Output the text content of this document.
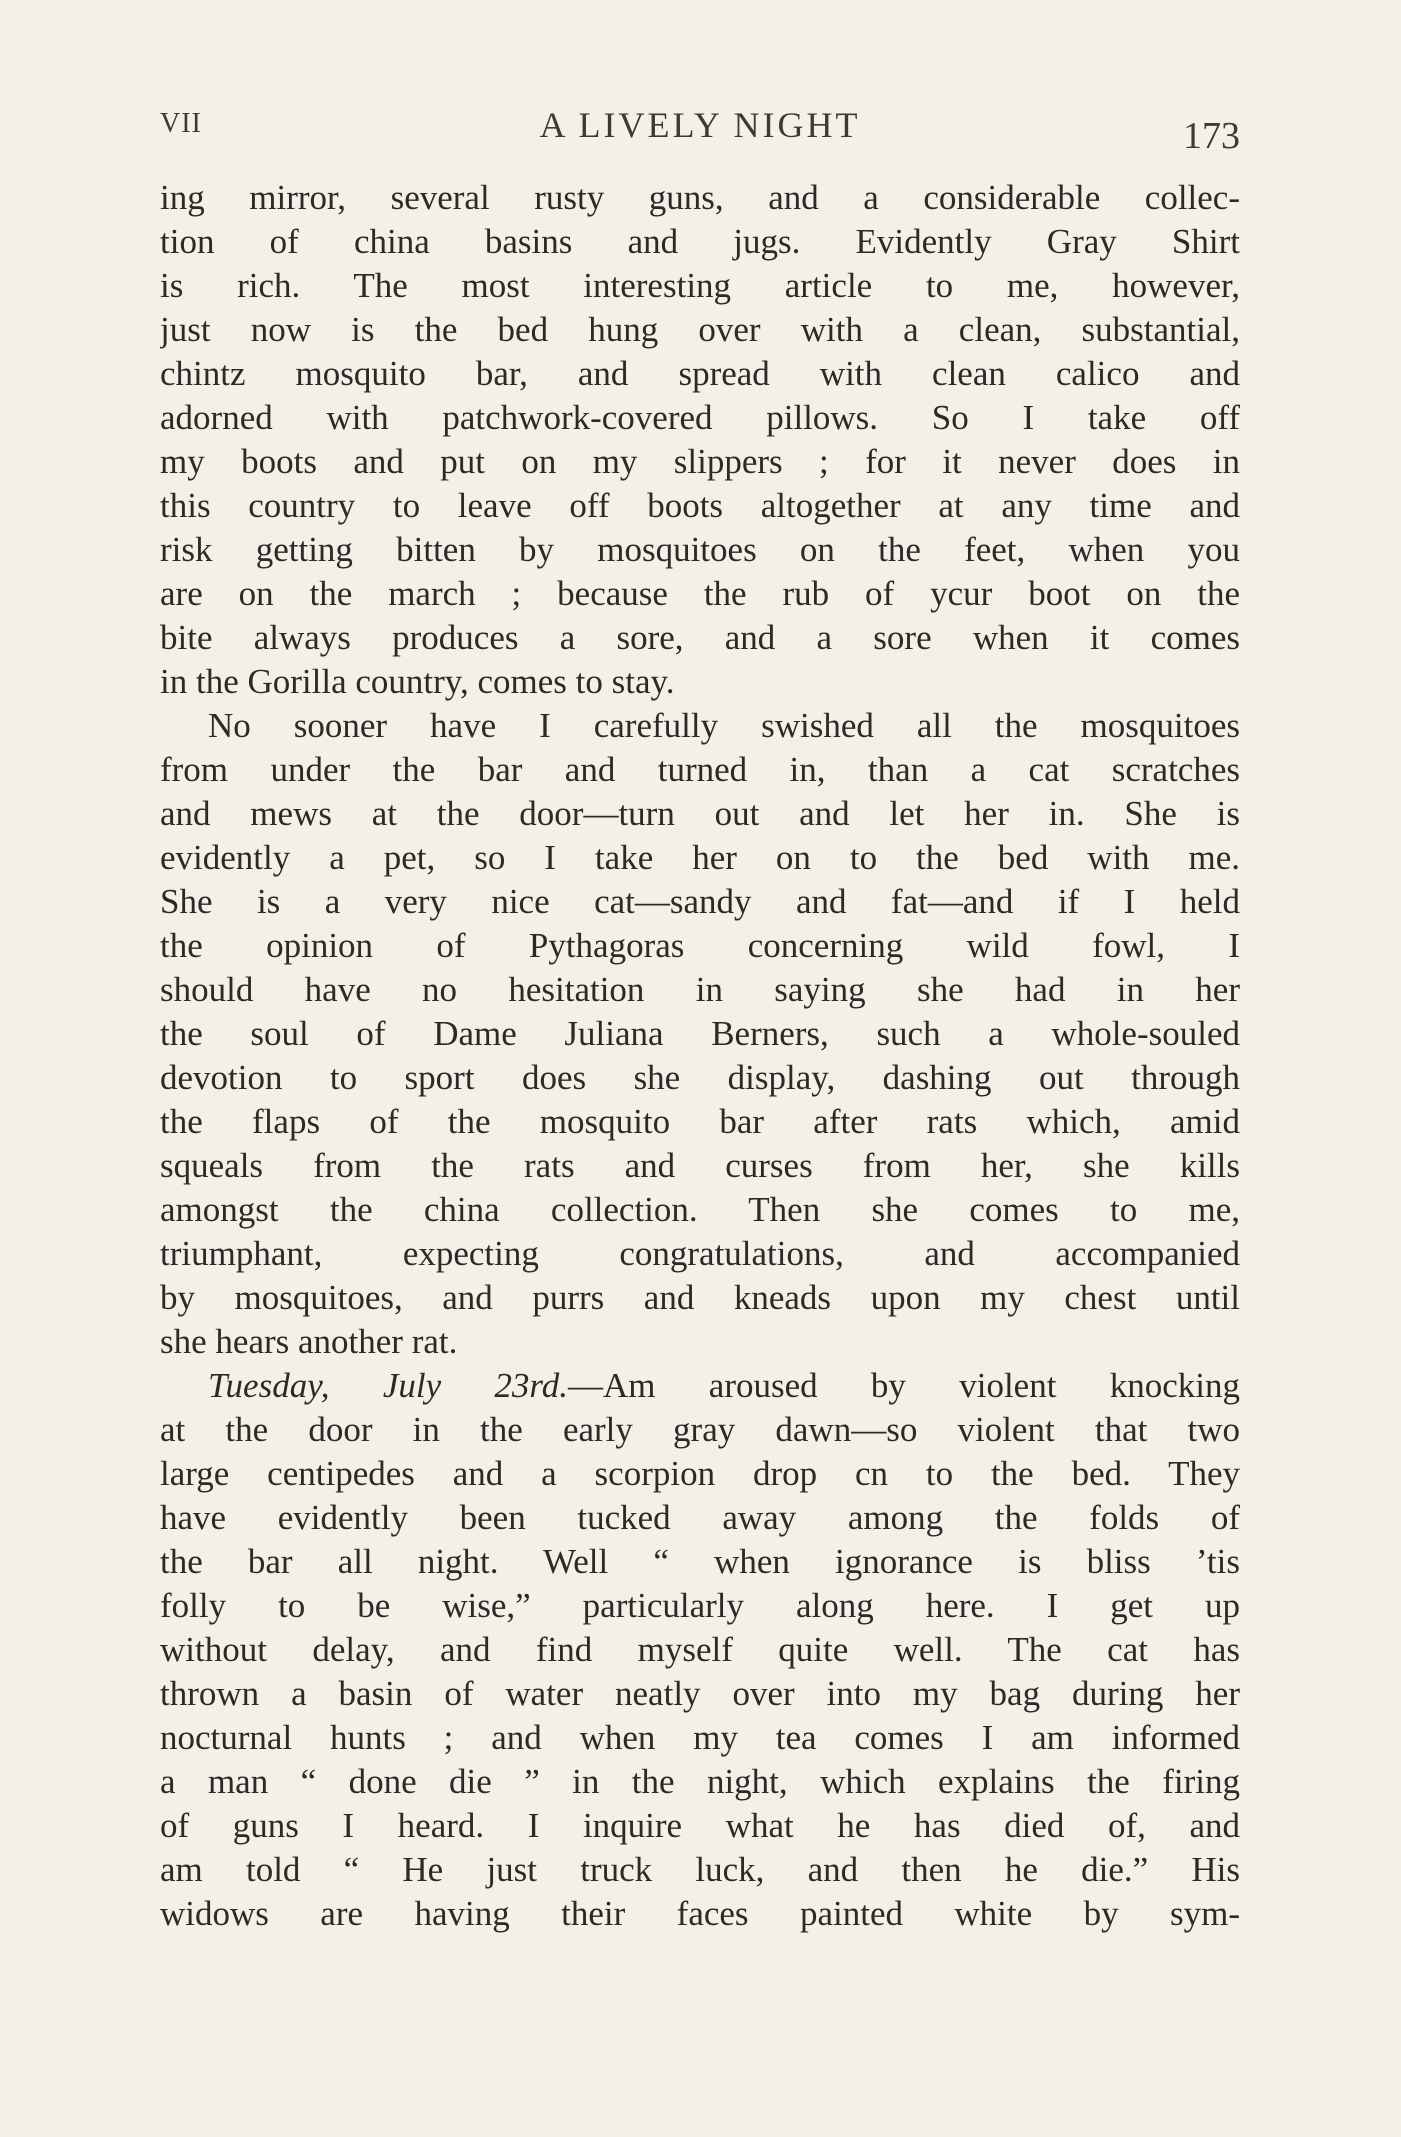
VII	A LIVELY NIGHT	173
ing mirror, several rusty guns, and a considerable collec-
tion of china basins and jugs. Evidently Gray Shirt
is rich. The most interesting article to me, however,
just now is the bed hung over with a clean, substantial,
chintz mosquito bar, and spread with clean calico and
adorned with patchwork-covered pillows. So I take off
my boots and put on my slippers ; for it never does in
this country to leave off boots altogether at any time and
risk getting bitten by mosquitoes on the feet, when you
are on the march ; because the rub of ycur boot on the
bite always produces a sore, and a sore when it comes
in the Gorilla country, comes to stay.
No sooner have I carefully swished all the mosquitoes
from under the bar and turned in, than a cat scratches
and mews at the door—turn out and let her in. She is
evidently a pet, so I take her on to the bed with me.
She is a very nice cat—sandy and fat—and if I held
the opinion of Pythagoras concerning wild fowl, I
should have no hesitation in saying she had in her
the soul of Dame Juliana Berners, such a whole-souled
devotion to sport does she display, dashing out through
the flaps of the mosquito bar after rats which, amid
squeals from the rats and curses from her, she kills
amongst the china collection. Then she comes to me,
triumphant, expecting congratulations, and accompanied
by mosquitoes, and purrs and kneads upon my chest until
she hears another rat.
Tuesday, July 23rd.—Am aroused by violent knocking
at the door in the early gray dawn—so violent that two
large centipedes and a scorpion drop cn to the bed. They
have evidently been tucked away among the folds of
the bar all night. Well “ when ignorance is bliss ’tis
folly to be wise,” particularly along here. I get up
without delay, and find myself quite well. The cat has
thrown a basin of water neatly over into my bag during her
nocturnal hunts ; and when my tea comes I am informed
a man “ done die ” in the night, which explains the firing
of guns I heard. I inquire what he has died of, and
am told “ He just truck luck, and then he die.” His
widows are having their faces painted white by sym-
